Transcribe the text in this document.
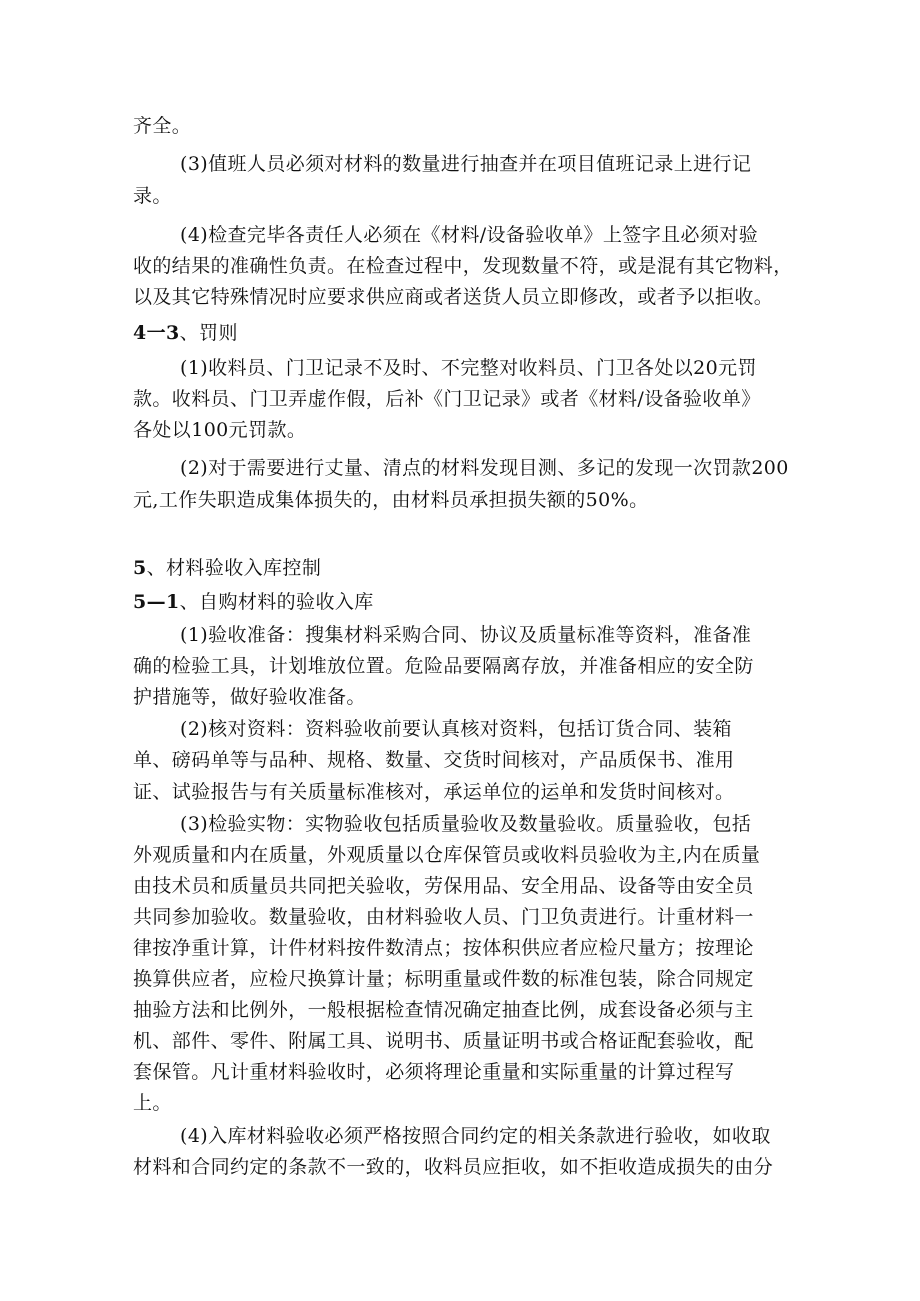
齐全。
(3)值班人员必须对材料的数量进行抽查并在项目值班记录上进行记
录。
(4)检查完毕各责任人必须在《材料/设备验收单》上签字且必须对验
收的结果的准确性负责。在检查过程中，发现数量不符，或是混有其它物料，
以及其它特殊情况时应要求供应商或者送货人员立即修改，或者予以拒收。
4一3、罚则
(1)收料员、门卫记录不及时、不完整对收料员、门卫各处以20元罚
款。收料员、门卫弄虚作假，后补《门卫记录》或者《材料/设备验收单》
各处以100元罚款。
(2)对于需要进行丈量、清点的材料发现目测、多记的发现一次罚款200
元,工作失职造成集体损失的，由材料员承担损失额的50%。
5、材料验收入库控制
5—1、自购材料的验收入库
(1)验收准备：搜集材料采购合同、协议及质量标准等资料，准备准
确的检验工具，计划堆放位置。危险品要隔离存放，并准备相应的安全防
护措施等，做好验收准备。
(2)核对资料：资料验收前要认真核对资料，包括订货合同、装箱
单、磅码单等与品种、规格、数量、交货时间核对，产品质保书、准用
证、试验报告与有关质量标准核对，承运单位的运单和发货时间核对。
(3)检验实物：实物验收包括质量验收及数量验收。质量验收，包括
外观质量和内在质量，外观质量以仓库保管员或收料员验收为主,内在质量
由技术员和质量员共同把关验收，劳保用品、安全用品、设备等由安全员
共同参加验收。数量验收，由材料验收人员、门卫负责进行。计重材料一
律按净重计算，计件材料按件数清点；按体积供应者应检尺量方；按理论
换算供应者，应检尺换算计量；标明重量或件数的标准包装，除合同规定
抽验方法和比例外，一般根据检查情况确定抽查比例，成套设备必须与主
机、部件、零件、附属工具、说明书、质量证明书或合格证配套验收，配
套保管。凡计重材料验收时，必须将理论重量和实际重量的计算过程写
上。
(4)入库材料验收必须严格按照合同约定的相关条款进行验收，如收取
材料和合同约定的条款不一致的，收料员应拒收，如不拒收造成损失的由分
